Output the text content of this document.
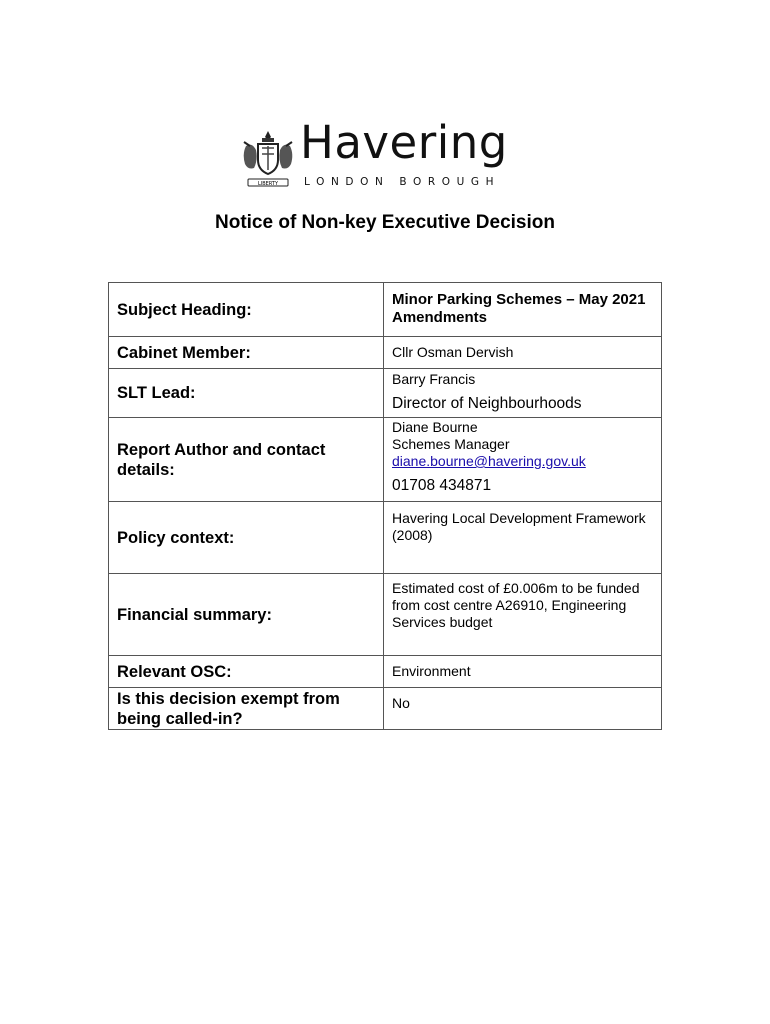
LIBERTY
Havering
LONDON BOROUGH
Notice of Non-key Executive Decision
Subject Heading:	Minor Parking Schemes – May 2021 Amendments

Cabinet Member:	Cllr Osman Dervish
SLT Lead:	Barry Francis
Director of Neighbourhoods

Report Author and contact details:	Diane Bourne
Schemes Manager
diane.bourne@havering.gov.uk
01708 434871

Policy context:	Havering Local Development Framework (2008)

Financial summary:	Estimated cost of £0.006m to be funded from cost centre A26910, Engineering Services budget

Relevant OSC:	Environment
Is this decision exempt from being called-in?	No
